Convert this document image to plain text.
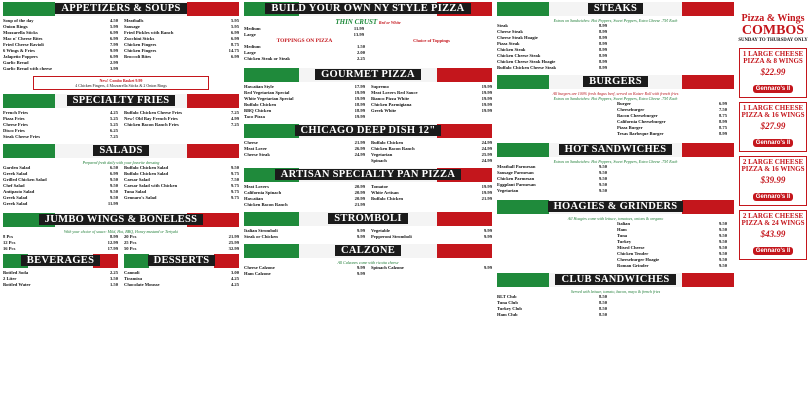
APPETIZERS & SOUPS
Soup of the day	4.50
Onion Rings	5.99
Mozzarella Sticks	6.99
Mac n' Cheese Bites	6.99
Fried Cheese Ravioli	7.99
6 Wings & Fries	9.99
Jalapeño Poppers	6.99
Garlic Bread	2.99
Garlic Bread with cheese	3.99
Meatballs	5.95
Sausage	5.95
Fried Pickles with Ranch	6.99
Zucchini Sticks	6.99
Chicken Fingers	8.75
Chicken Fingers	14.75
Broccoli Bites	6.99
New! Combo Basket 9.99
4 Chicken Fingers, 4 Mozzarella Sticks & 2 Onion Rings
SPECIALTY FRIES
French Fries	4.25
Pizza Fries	5.25
Cheese Fries	5.25
Disco Fries	6.25
Steak Cheese Fries	7.25
Buffalo Chicken Cheese Fries	7.25
New! Old Bay French Fries	4.99
Chicken Bacon Ranch Fries	7.25
SALADS
Prepared fresh daily with your favorite dressing
Garden Salad	6.50
Greek Salad	6.99
Grilled Chicken Salad	9.50
Chef Salad	9.50
Antipasto Salad	9.50
Greek Salad	9.50
Greek Salad	11.99
Buffalo Chicken Salad	9.50
Buffalo Chicken Salad	9.75
Caesar Salad	7.50
Caesar Salad with Chicken	9.75
Tuna Salad	9.75
Gennaro's Salad	9.75
JUMBO WINGS & BONELESS
With your choice of sauce: Mild, Hot, BBQ, Honey mustard or Teriyaki
8 Pcs	8.99
12 Pcs	12.99
16 Pcs	17.99
20 Pcs	21.99
25 Pcs	25.99
50 Pcs	32.99
BEVERAGES
Bottled Soda	2.25
2 Liter	3.50
Bottled Water	1.50
DESSERTS
Cannoli	3.00
Tiramisu	4.25
Chocolate Mousse	4.25
BUILD YOUR OWN NY STYLE PIZZA
THIN CRUST Red or White
Medium	11.99
Large	13.99
TOPPINGS ON PIZZA
Medium	1.50
Large	2.00
Chicken Steak or Steak	2.25
Choice of Toppings
GOURMET PIZZA
Hawaiian Style	17.99
Red Vegetarian Special	19.99
White Vegetarian Special	19.99
Buffalo Chicken	18.99
BBQ Chicken	18.99
Taco Pizza	19.99
Supremo	19.99
Meat Lovers Red Sauce	19.99
Bianco Pizza White	19.99
Chicken Parmigiana	19.99
Greek White	19.99
CHICAGO DEEP DISH 12"
Cheese	21.99
Meat Lover	26.99
Cheese Steak	24.99
Buffalo Chicken	24.99
Chicken Bacon Ranch	24.99
Vegetarian	25.99
Spinach	24.99
ARTISAN SPECIALTY PAN PIZZA
Meat Lovers	20.99
California Spinach	20.99
Hawaiian	20.99
Chicken Bacon Ranch	21.99
Tomatoe	19.99
White Artisan	19.99
Buffalo Chicken	21.99
STROMBOLI
Italian Stromboli	9.99
Steak or Chicken	9.99
Vegetable	9.99
Pepperoni Stromboli	9.99
CALZONE
All Calzones come with ricotta cheese
Cheese Calzone	9.99
Ham Calzone	9.99
Spinach Calzone	9.99
STEAKS
Extras on Sandwiches: Hot Peppers, Sweet Peppers, Extra Cheese .75¢ Each
Steak	8.99
Cheese Steak	8.99
Cheese Steak Hoagie	8.99
Pizza Steak	8.99
Chicken Steak	8.99
Chicken Cheese Steak	8.99
Chicken Cheese Steak Hoagie	8.99
Buffalo Chicken Cheese Steak	8.99
BURGERS
All burgers are 100% fresh Angus beef, served on Kaiser Roll with french fries
Extras on Sandwiches: Hot Peppers, Sweet Peppers, Extra Cheese .75¢ Each
Burger	6.99
Cheeseburger	7.50
Bacon Cheeseburger	8.75
California Cheeseburger	8.99
Pizza Burger	8.75
Texas Barbeque Burger	8.99
HOT SANDWICHES
Extras on Sandwiches: Hot Peppers, Sweet Peppers, Extra Cheese .75¢ Each
Meatball Parmesan	9.50
Sausage Parmesan	9.50
Chicken Parmesan	9.50
Eggplant Parmesan	9.50
Vegetarian	9.50
HOAGIES & GRINDERS
All Hoagies come with lettuce, tomatoes, onions & oregano
Italian	9.50
Ham	9.50
Tuna	9.50
Turkey	9.50
Mixed Cheese	9.50
Chicken Tender	9.50
Cheeseburger Hoagie	9.50
Roman Grinder	9.50
CLUB SANDWICHES
Served with lettuce, tomato, bacon, mayo & french fries
BLT Club	8.50
Tuna Club	8.50
Turkey Club	8.50
Ham Club	8.50
Pizza & Wings
COMBOS
SUNDAY TO THURSDAY ONLY
1 LARGE CHEESE PIZZA & 8 WINGS
$22.99
Gennaro's II
1 LARGE CHEESE PIZZA & 16 WINGS
$27.99
Gennaro's II
2 LARGE CHEESE PIZZA & 16 WINGS
$39.99
Gennaro's II
2 LARGE CHEESE PIZZA & 24 WINGS
$43.99
Gennaro's II
